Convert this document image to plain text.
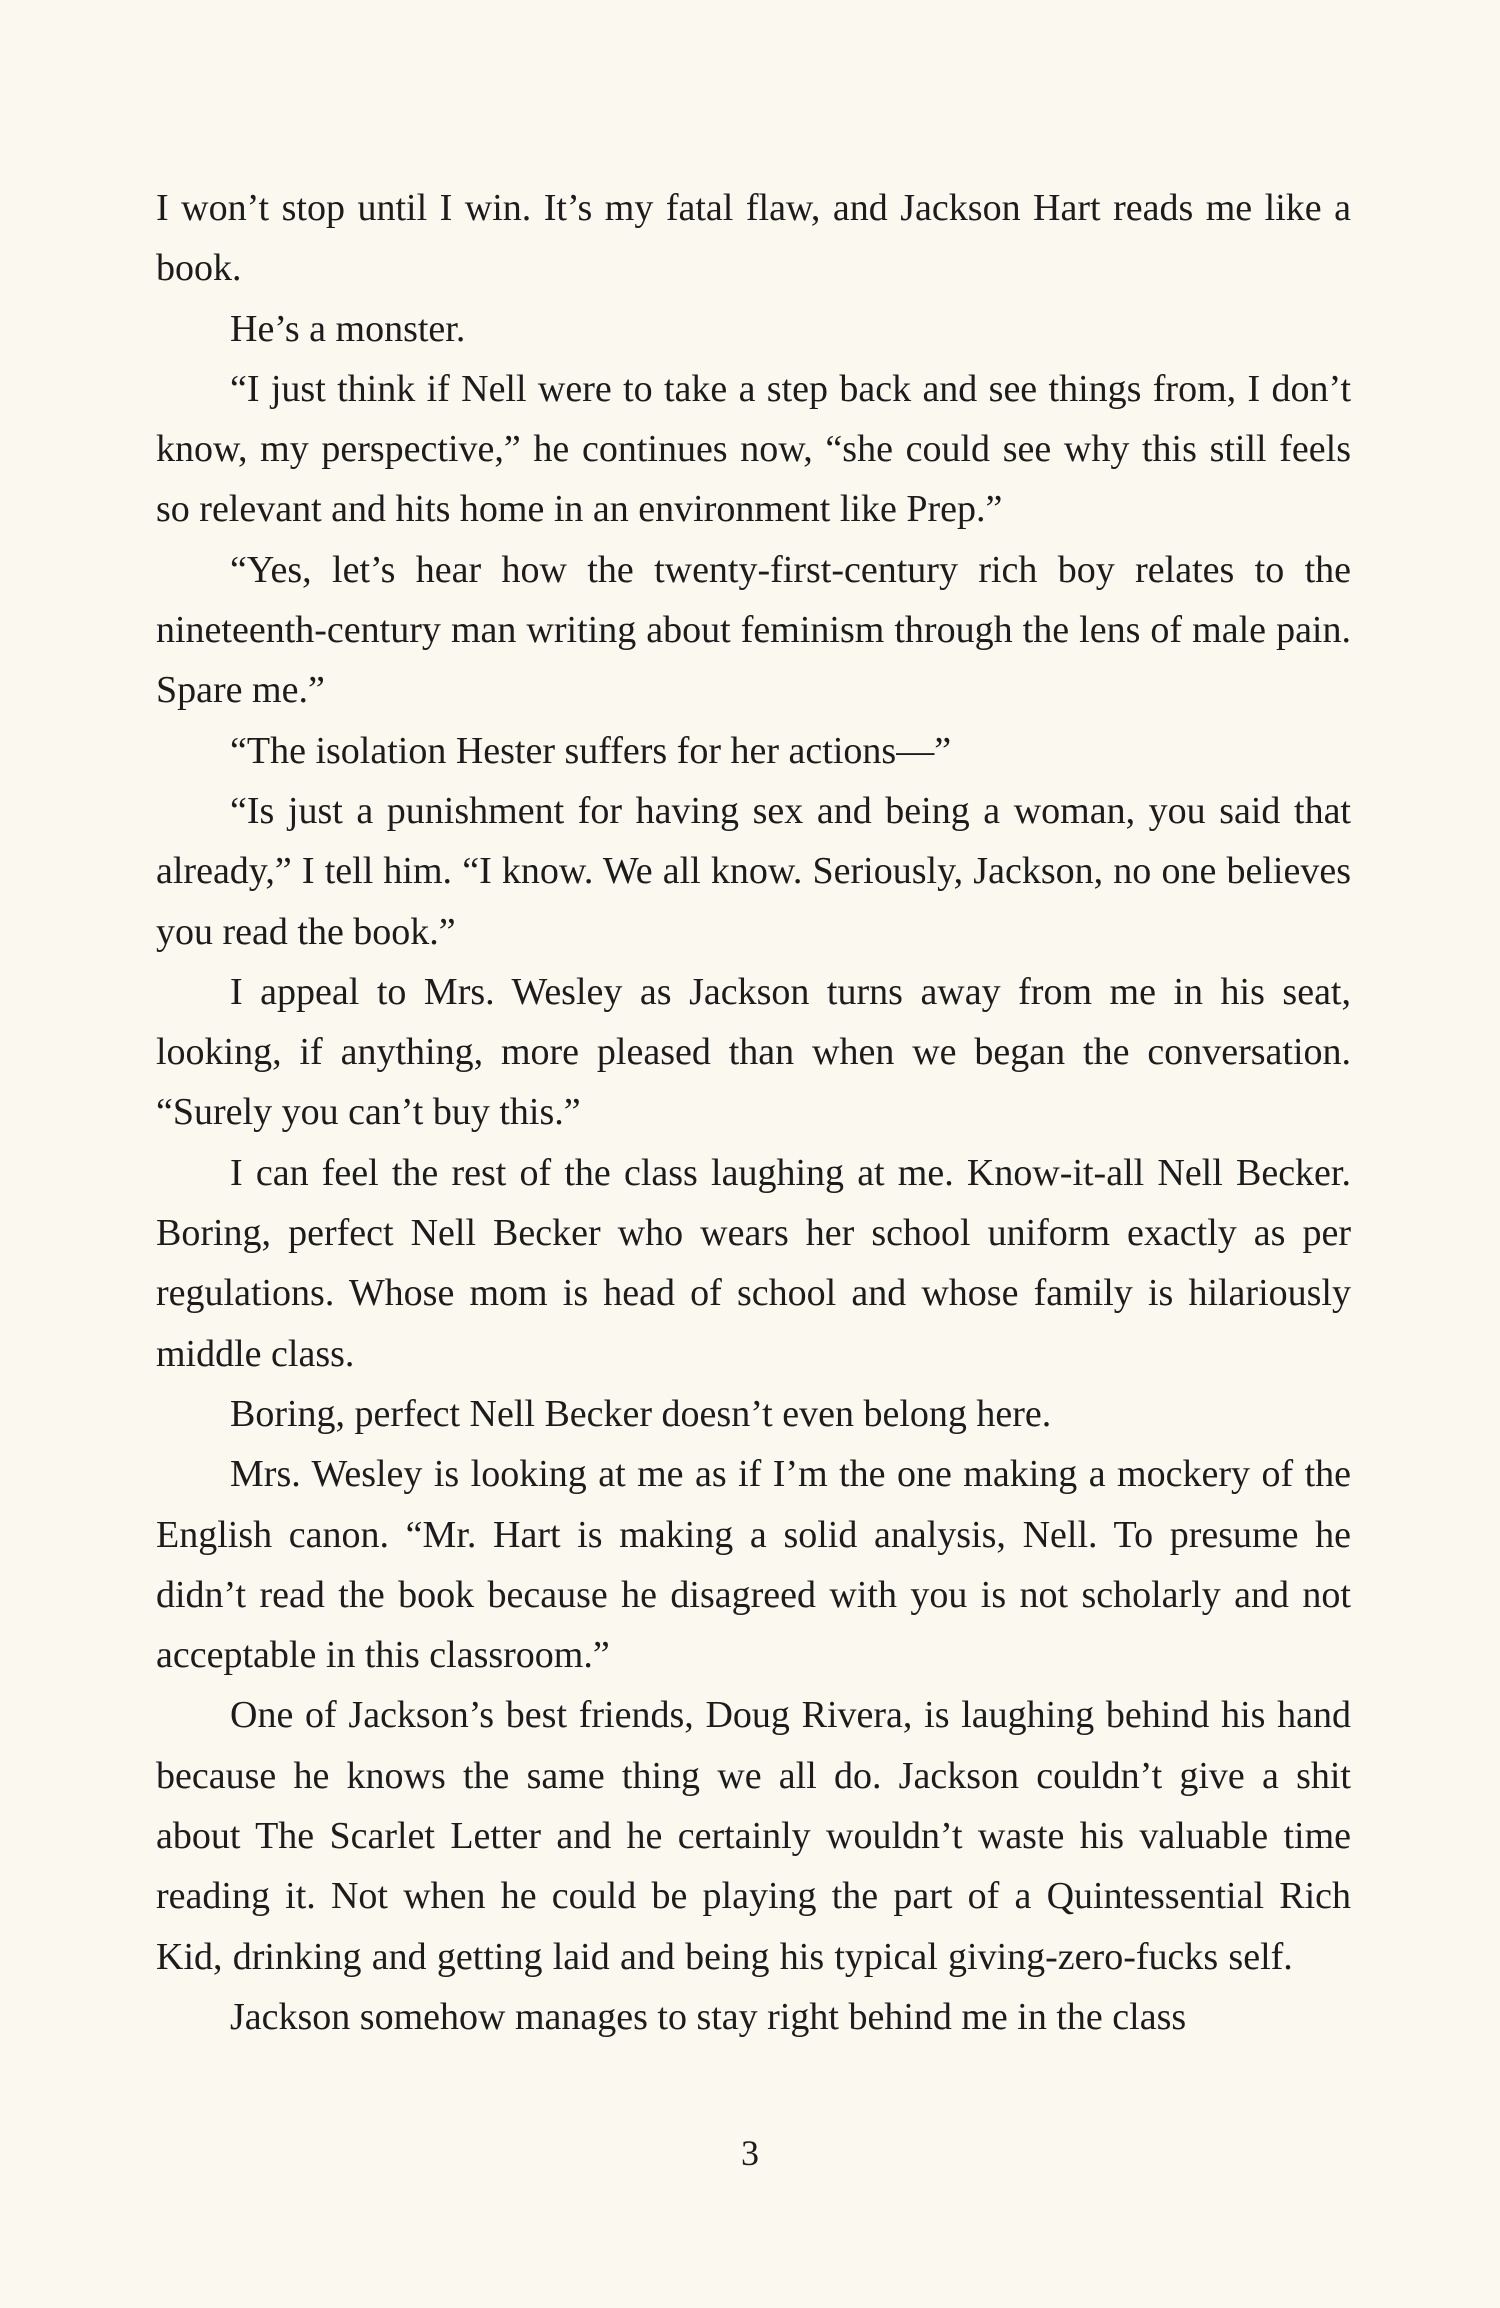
I won’t stop until I win. It’s my fatal flaw, and Jackson Hart reads me like a book.

He’s a monster.

“I just think if Nell were to take a step back and see things from, I don’t know, my perspective,” he continues now, “she could see why this still feels so relevant and hits home in an environment like Prep.”

“Yes, let’s hear how the twenty-first-century rich boy relates to the nineteenth-century man writing about feminism through the lens of male pain. Spare me.”

“The isolation Hester suffers for her actions—”

“Is just a punishment for having sex and being a woman, you said that already,” I tell him. “I know. We all know. Seriously, Jackson, no one believes you read the book.”

I appeal to Mrs. Wesley as Jackson turns away from me in his seat, looking, if anything, more pleased than when we began the conversation. “Surely you can’t buy this.”

I can feel the rest of the class laughing at me. Know-it-all Nell Becker. Boring, perfect Nell Becker who wears her school uniform exactly as per regulations. Whose mom is head of school and whose family is hilariously middle class.

Boring, perfect Nell Becker doesn’t even belong here.

Mrs. Wesley is looking at me as if I’m the one making a mockery of the English canon. “Mr. Hart is making a solid analysis, Nell. To presume he didn’t read the book because he disagreed with you is not scholarly and not acceptable in this classroom.”

One of Jackson’s best friends, Doug Rivera, is laughing behind his hand because he knows the same thing we all do. Jackson couldn’t give a shit about The Scarlet Letter and he certainly wouldn’t waste his valuable time reading it. Not when he could be playing the part of a Quintessential Rich Kid, drinking and getting laid and being his typical giving-zero-fucks self.

Jackson somehow manages to stay right behind me in the class

3
